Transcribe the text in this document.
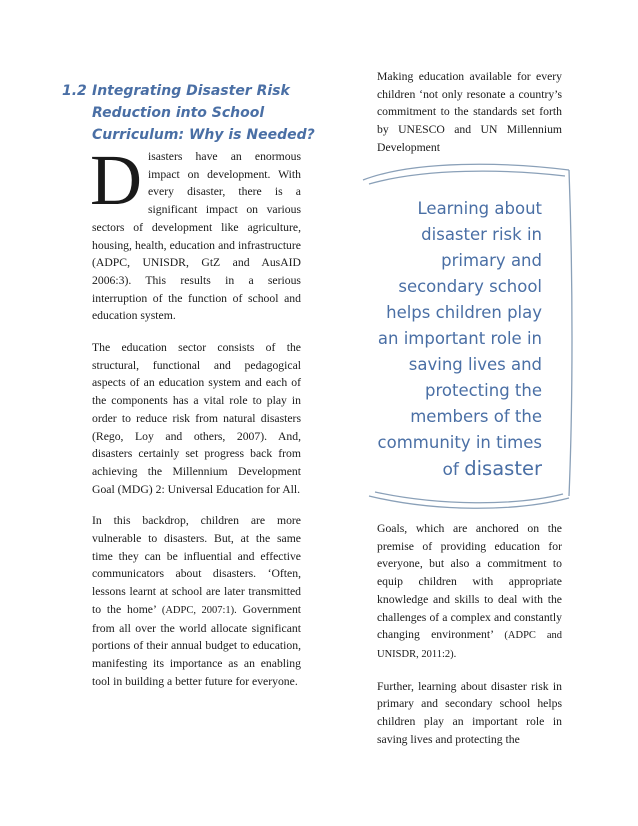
1.2 Integrating Disaster Risk Reduction into School Curriculum: Why is Needed?

Disasters have an enormous impact on development. With every disaster, there is a significant impact on various sectors of development like agriculture, housing, health, education and infrastructure (ADPC, UNISDR, GtZ and AusAID 2006:3). This results in a serious interruption of the function of school and education system.

The education sector consists of the structural, functional and pedagogical aspects of an education system and each of the components has a vital role to play in order to reduce risk from natural disasters (Rego, Loy and others, 2007). And, disasters certainly set progress back from achieving the Millennium Development Goal (MDG) 2: Universal Education for All.

In this backdrop, children are more vulnerable to disasters. But, at the same time they can be influential and effective communicators about disasters. ‘Often, lessons learnt at school are later transmitted to the home’ (ADPC, 2007:1). Government from all over the world allocate significant portions of their annual budget to education, manifesting its importance as an enabling tool in building a better future for everyone.

Making education available for every children ‘not only resonate a country’s commitment to the standards set forth by UNESCO and UN Millennium Development

Learning about disaster risk in primary and secondary school helps children play an important role in saving lives and protecting the members of the community in times
of disaster

Goals, which are anchored on the premise of providing education for everyone, but also a commitment to equip children with appropriate knowledge and skills to deal with the challenges of a complex and constantly changing environment’ (ADPC and UNISDR, 2011:2).

Further, learning about disaster risk in primary and secondary school helps children play an important role in saving lives and protecting the
